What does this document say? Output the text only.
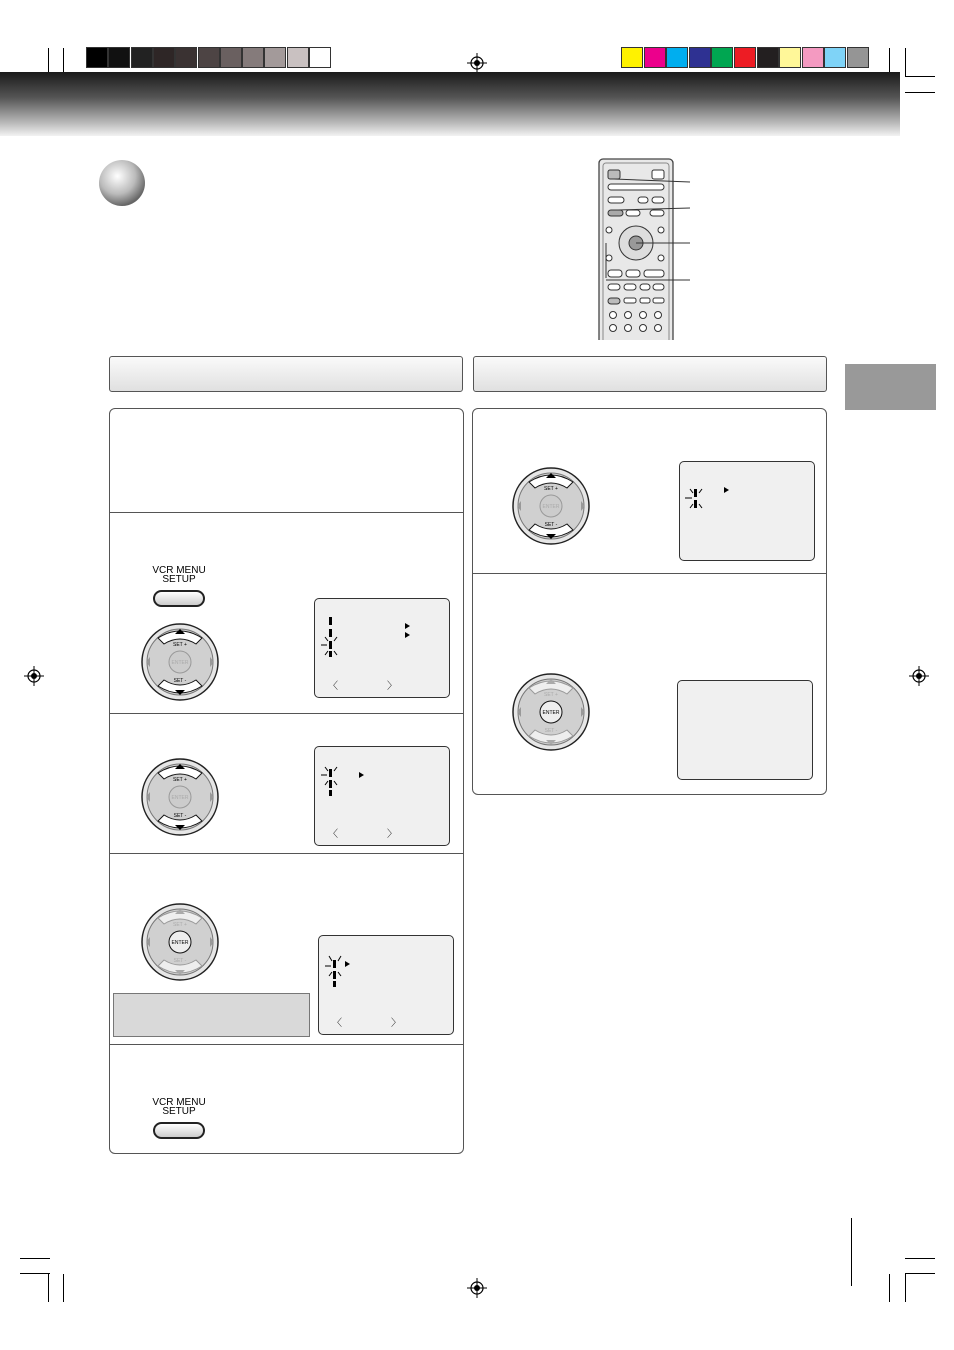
VCR MENU
SETUP
VCR MENU
SETUP
ENTER
SET +
SET -
ENTER
SET +
SET -
ENTER
SET +
SET -
ENTER
SET +
SET -
ENTER
SET +
SET -
〈	〉
〈	〉
〈	〉
